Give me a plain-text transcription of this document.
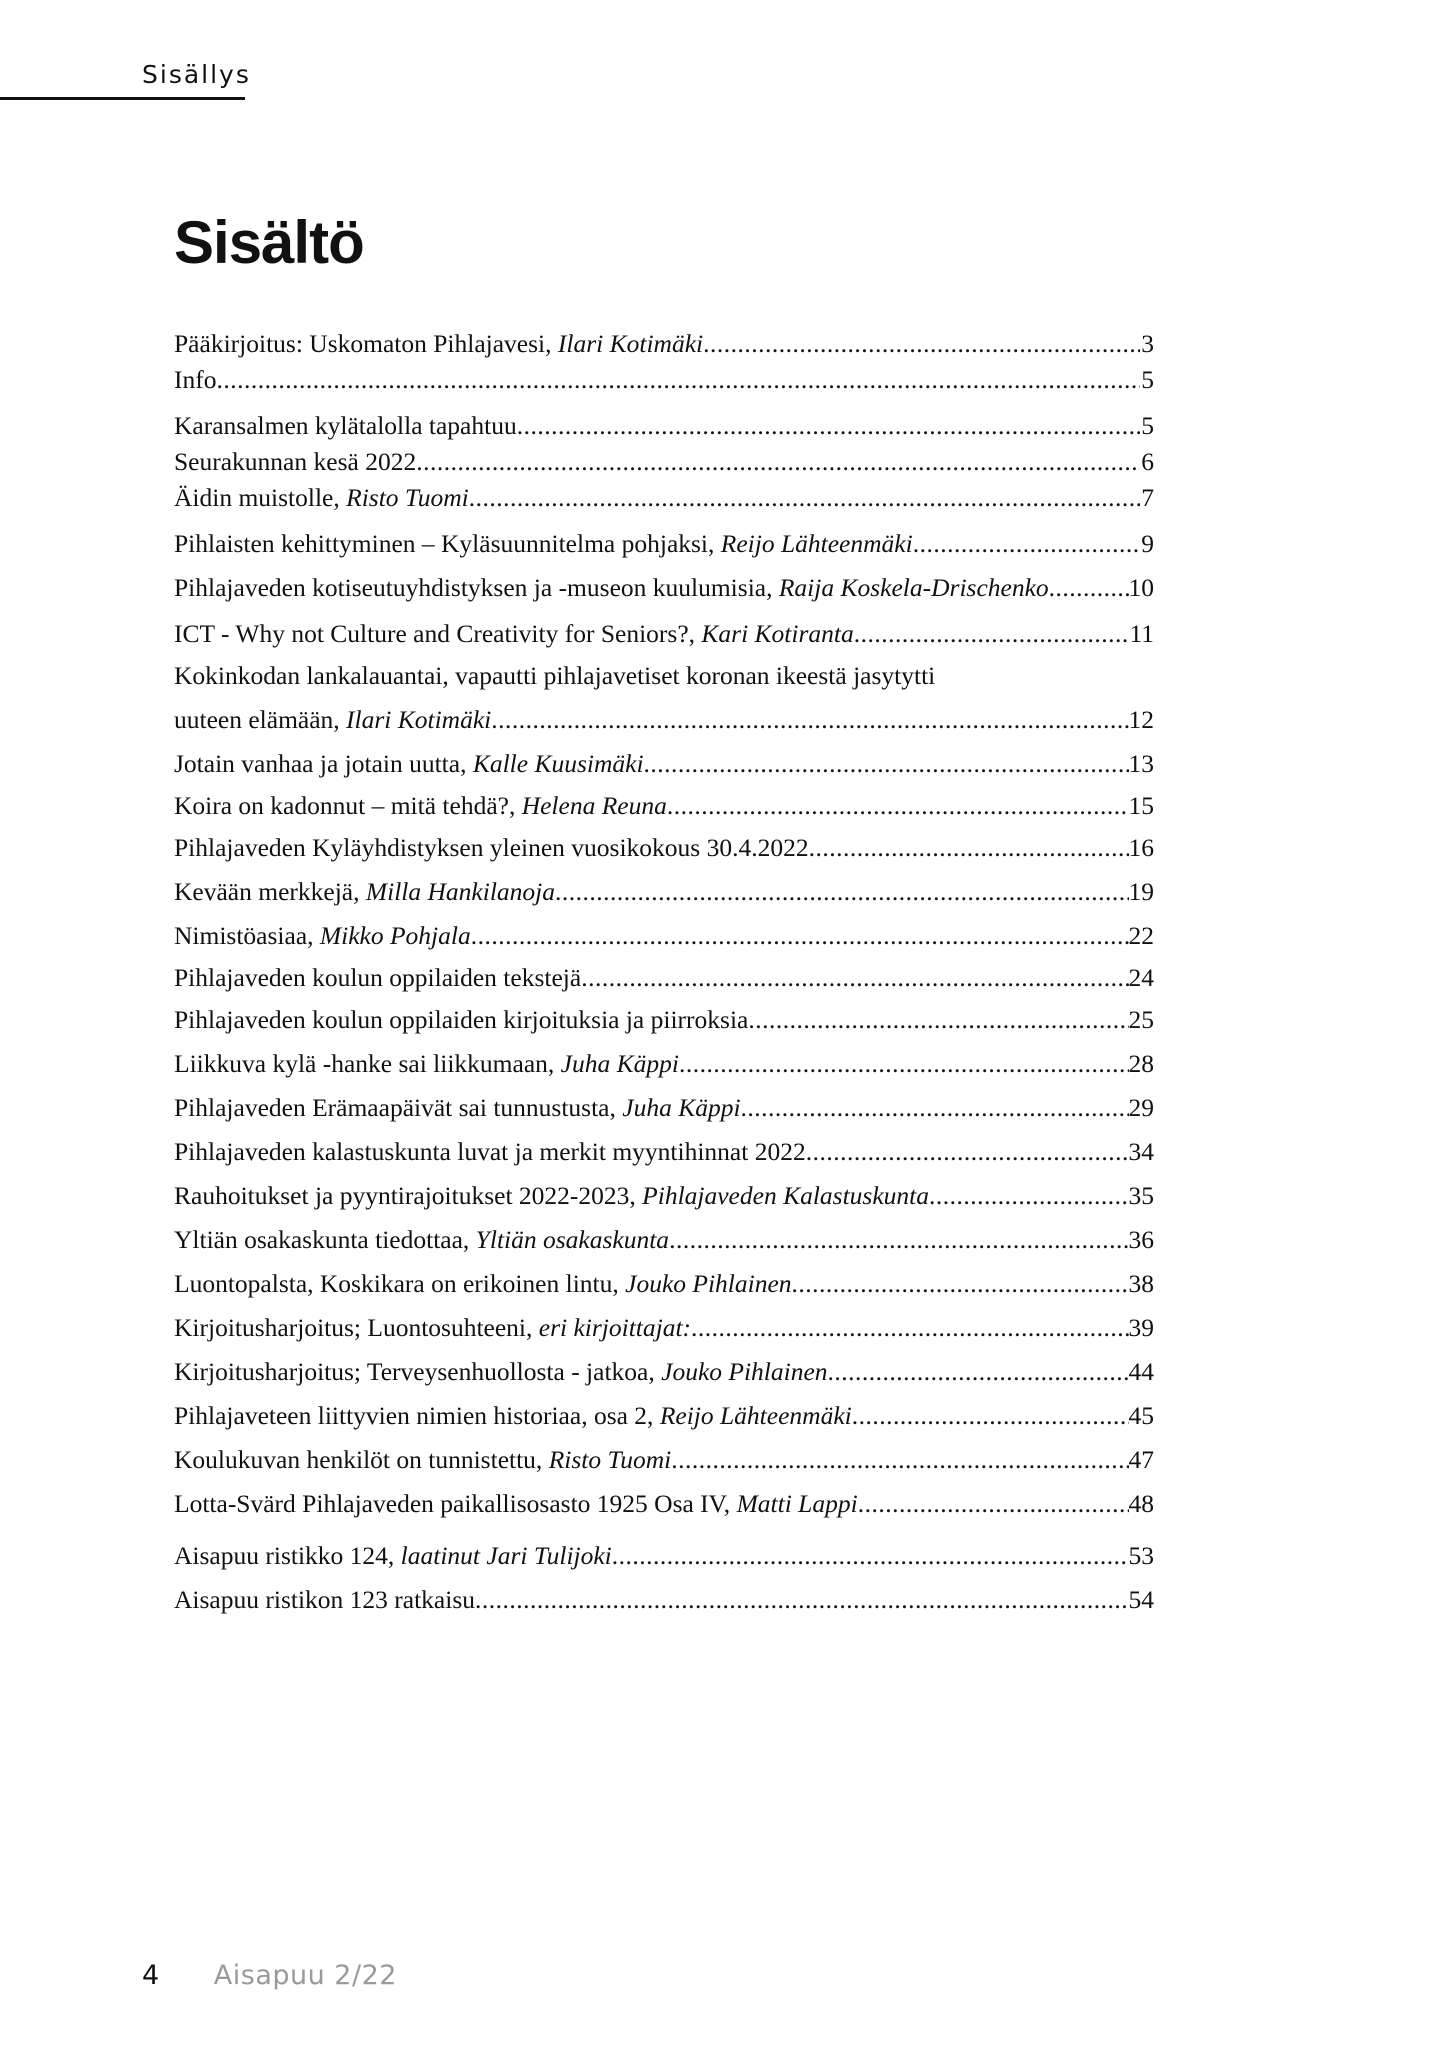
Sisällys
Sisältö
Pääkirjoitus: Uskomaton Pihlajavesi, Ilari Kotimäki .....	3
Info .....	5
Karansalmen kylätalolla tapahtuu .....	5
Seurakunnan kesä 2022 .....	6
Äidin muistolle, Risto Tuomi .....	7
Pihlaisten kehittyminen – Kyläsuunnitelma pohjaksi, Reijo Lähteenmäki .....	9
Pihlajaveden kotiseutuyhdistyksen ja -museon kuulumisia, Raija Koskela-Drischenko .....	10
ICT - Why not Culture and Creativity for Seniors?, Kari Kotiranta .....	11
Kokinkodan lankalauantai, vapautti pihlajavetiset koronan ikeestä jasytytti
uuteen elämään, Ilari Kotimäki .....	12
Jotain vanhaa ja jotain uutta, Kalle Kuusimäki .....	13
Koira on kadonnut – mitä tehdä?, Helena Reuna .....	15
Pihlajaveden Kyläyhdistyksen yleinen vuosikokous 30.4.2022 .....	16
Kevään merkkejä, Milla Hankilanoja .....	19
Nimistöasiaa, Mikko Pohjala .....	22
Pihlajaveden koulun oppilaiden tekstejä .....	24
Pihlajaveden koulun oppilaiden kirjoituksia ja piirroksia .....	25
Liikkuva kylä -hanke sai liikkumaan, Juha Käppi .....	28
Pihlajaveden Erämaapäivät sai tunnustusta, Juha Käppi .....	29
Pihlajaveden kalastuskunta luvat ja merkit myyntihinnat 2022 .....	34
Rauhoitukset ja pyyntirajoitukset 2022-2023, Pihlajaveden Kalastuskunta .....	35
Yltiän osakaskunta tiedottaa, Yltiän osakaskunta .....	36
Luontopalsta, Koskikara on erikoinen lintu, Jouko Pihlainen .....	38
Kirjoitusharjoitus; Luontosuhteeni, eri kirjoittajat: .....	39
Kirjoitusharjoitus; Terveysenhuollosta - jatkoa, Jouko Pihlainen .....	44
Pihlajaveteen liittyvien nimien historiaa, osa 2, Reijo Lähteenmäki .....	45
Koulukuvan henkilöt on tunnistettu, Risto Tuomi .....	47
Lotta-Svärd Pihlajaveden paikallisosasto 1925 Osa IV, Matti Lappi .....	48
Aisapuu ristikko 124, laatinut Jari Tulijoki .....	53
Aisapuu ristikon 123 ratkaisu .....	54
4 Aisapuu 2/22
